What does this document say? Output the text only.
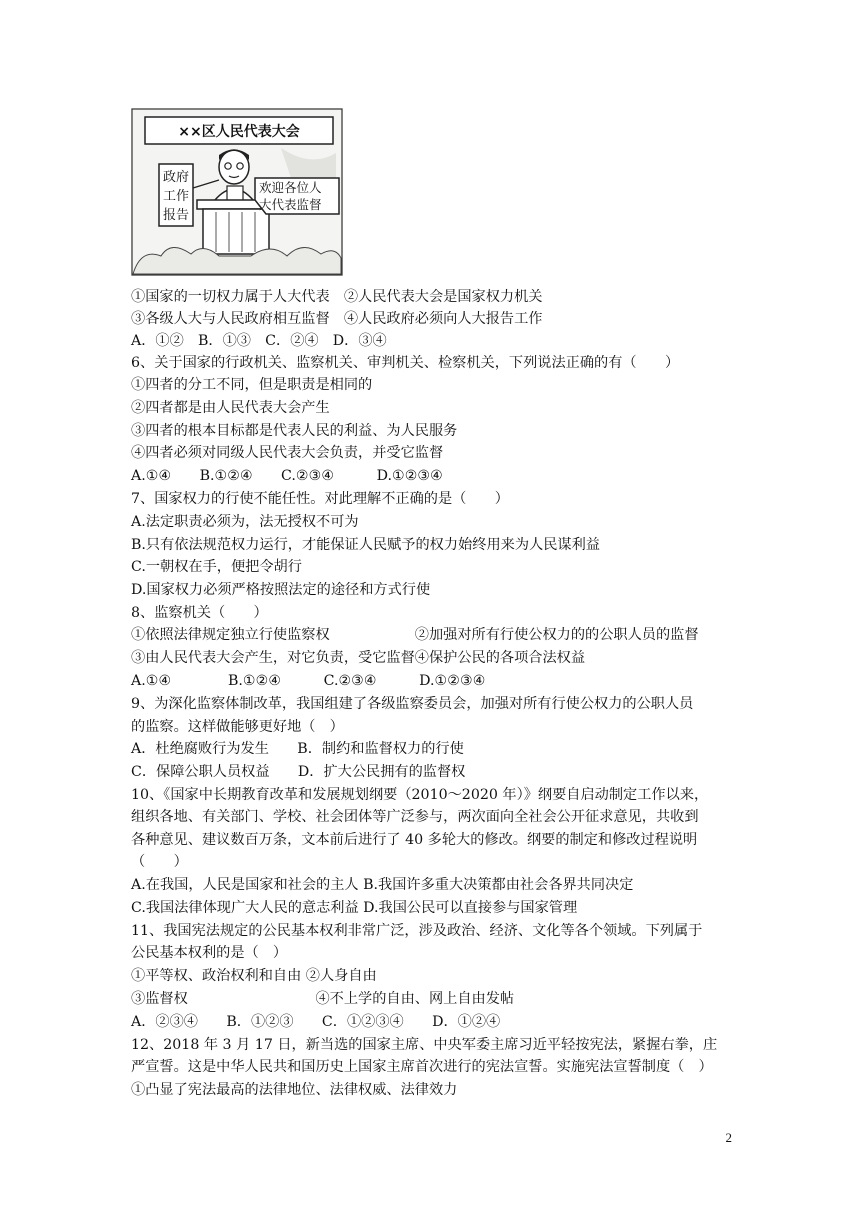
××区人民代表大会
政府
工作
报告
欢迎各位人
大代表监督
①国家的一切权力属于人大代表　②人民代表大会是国家权力机关
③各级人大与人民政府相互监督　④人民政府必须向人大报告工作
A．①②　B．①③　C．②④　D．③④
6、关于国家的行政机关、监察机关、审判机关、检察机关，下列说法正确的有（　　）
①四者的分工不同，但是职责是相同的
②四者都是由人民代表大会产生
③四者的根本目标都是代表人民的利益、为人民服务
④四者必须对同级人民代表大会负责，并受它监督
A.①④　　B.①②④　　C.②③④　　　D.①②③④
7、国家权力的行使不能任性。对此理解不正确的是（　　）
A.法定职责必须为，法无授权不可为
B.只有依法规范权力运行，才能保证人民赋予的权力始终用来为人民谋利益
C.一朝权在手，便把令胡行
D.国家权力必须严格按照法定的途径和方式行使
8、监察机关（　　）
①依照法律规定独立行使监察权　　　　　　②加强对所有行使公权力的的公职人员的监督
③由人民代表大会产生，对它负责，受它监督④保护公民的各项合法权益
A.①④　　　　B.①②④　　　C.②③④　　　D.①②③④
9、为深化监察体制改革，我国组建了各级监察委员会，加强对所有行使公权力的公职人员
的监察。这样做能够更好地（　）
A．杜绝腐败行为发生　　B．制约和监督权力的行使
C．保障公职人员权益　　D．扩大公民拥有的监督权
10、《国家中长期教育改革和发展规划纲要（2010～2020 年）》纲要自启动制定工作以来，
组织各地、有关部门、学校、社会团体等广泛参与，两次面向全社会公开征求意见，共收到
各种意见、建议数百万条，文本前后进行了 40 多轮大的修改。纲要的制定和修改过程说明
（　　）
A.在我国，人民是国家和社会的主人 B.我国许多重大决策都由社会各界共同决定
C.我国法律体现广大人民的意志利益 D.我国公民可以直接参与国家管理
11、我国宪法规定的公民基本权利非常广泛，涉及政治、经济、文化等各个领域。下列属于
公民基本权利的是（　）
①平等权、政治权利和自由 ②人身自由
③监督权　　　　　　　　　④不上学的自由、网上自由发帖
A．②③④　　B．①②③　　C．①②③④　　D．①②④
12、2018 年 3 月 17 日，新当选的国家主席、中央军委主席习近平轻按宪法，紧握右拳，庄
严宣誓。这是中华人民共和国历史上国家主席首次进行的宪法宣誓。实施宪法宣誓制度（　）
①凸显了宪法最高的法律地位、法律权威、法律效力
2
